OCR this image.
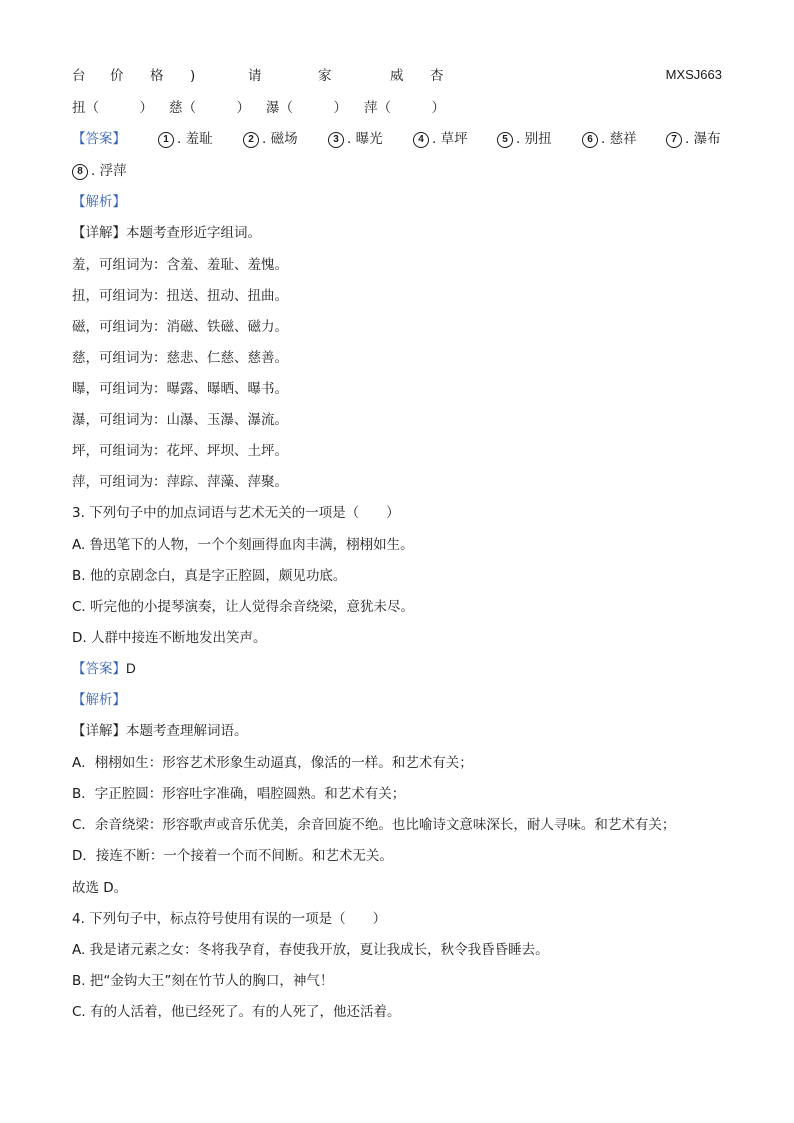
台 价 格 )	请	家	威 杏	MXSJ663
扭（　　　） 慈（　　　） 瀑（　　　） 萍（　　　）
【答案】	1 . 羞耻	2 . 磁场	3 . 曝光	4 . 草坪	5 . 别扭	6 . 慈祥	7 . 瀑布
8 . 浮萍
【解析】
【详解】本题考查形近字组词。
羞，可组词为：含羞、羞耻、羞愧。
扭，可组词为：扭送、扭动、扭曲。
磁，可组词为：消磁、铁磁、磁力。
慈，可组词为：慈悲、仁慈、慈善。
曝，可组词为：曝露、曝晒、曝书。
瀑，可组词为：山瀑、玉瀑、瀑流。
坪，可组词为：花坪、坪坝、土坪。
萍，可组词为：萍踪、萍藻、萍聚。
3. 下列句子中的加点词语与艺术无关的一项是（　　）
A. 鲁迅笔下的人物，一个个刻画得血肉丰满，栩栩如生。
B. 他的京剧念白，真是字正腔圆，颇见功底。
C. 听完他的小提琴演奏，让人觉得余音绕梁，意犹未尽。
D. 人群中接连不断地发出笑声。
【答案】D
【解析】
【详解】本题考查理解词语。
A．栩栩如生：形容艺术形象生动逼真，像活的一样。和艺术有关；
B．字正腔圆：形容吐字准确，唱腔圆熟。和艺术有关；
C．余音绕梁：形容歌声或音乐优美，余音回旋不绝。也比喻诗文意味深长，耐人寻味。和艺术有关；
D．接连不断：一个接着一个而不间断。和艺术无关。
故选 D。
4. 下列句子中，标点符号使用有误的一项是（　　）
A. 我是诸元素之女：冬将我孕育，春使我开放，夏让我成长，秋令我昏昏睡去。
B. 把“金钩大王”刻在竹节人的胸口，神气！
C. 有的人活着，他已经死了。有的人死了，他还活着。
